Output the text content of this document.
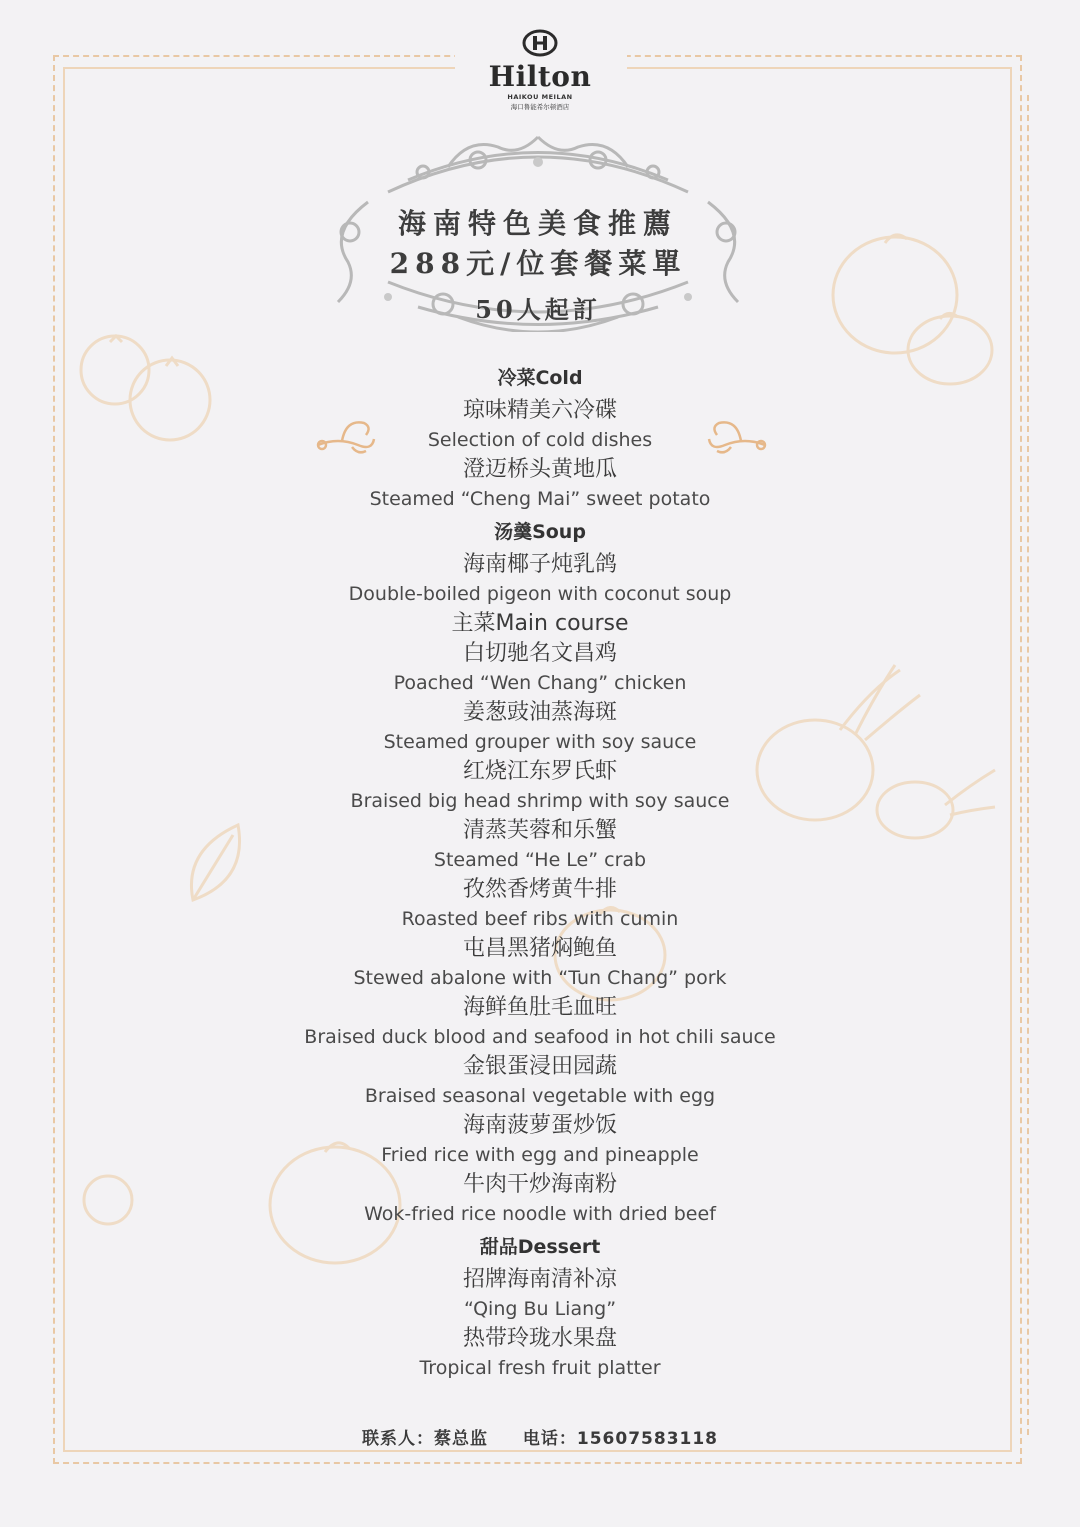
Hilton
HAIKOU MEILAN
海口鲁能希尔顿酒店
海南特色美食推薦
288元/位套餐菜單
50人起訂
冷菜Cold
琼味精美六冷碟
Selection of cold dishes
澄迈桥头黄地瓜
Steamed “Cheng Mai” sweet potato
汤羹Soup
海南椰子炖乳鸽
Double-boiled pigeon with coconut soup
主菜Main course
白切驰名文昌鸡
Poached “Wen Chang” chicken
姜葱豉油蒸海斑
Steamed grouper with soy sauce
红烧江东罗氏虾
Braised big head shrimp with soy sauce
清蒸芙蓉和乐蟹
Steamed “He Le” crab
孜然香烤黄牛排
Roasted beef ribs with cumin
屯昌黑猪焖鲍鱼
Stewed abalone with “Tun Chang” pork
海鲜鱼肚毛血旺
Braised duck blood and seafood in hot chili sauce
金银蛋浸田园蔬
Braised seasonal vegetable with egg
海南菠萝蛋炒饭
Fried rice with egg and pineapple
牛肉干炒海南粉
Wok-fried rice noodle with dried beef
甜品Dessert
招牌海南清补凉
“Qing Bu Liang”
热带玲珑水果盘
Tropical fresh fruit platter
联系人：蔡总监 电话：15607583118
